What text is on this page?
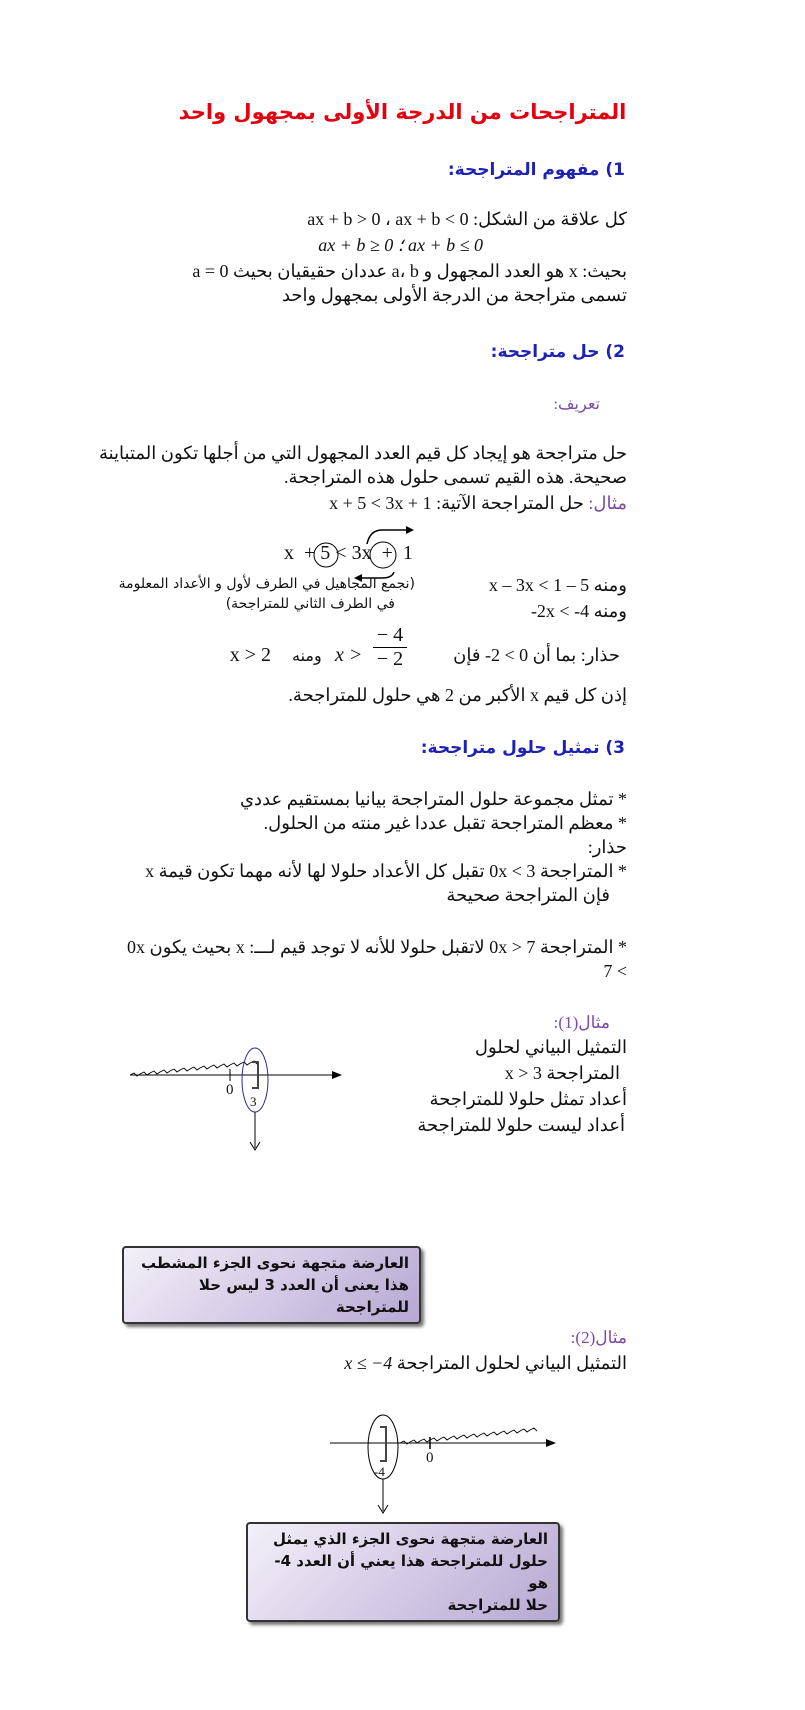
المتراجحات من الدرجة الأولى بمجهول واحد
1) مفهوم المتراجحة:
كل علاقة من الشكل: ax + b > 0 ، ax + b < 0
ax + b ≥ 0 ؛ ax + b ≤ 0
بحيث: x هو العدد المجهول و a، b عددان حقيقيان بحيث a = 0
تسمى متراجحة من الدرجة الأولى بمجهول واحد
2) حل متراجحة:
تعريف:
حل متراجحة هو إيجاد كل قيم العدد المجهول التي من أجلها تكون المتباينة
صحيحة. هذه القيم تسمى حلول هذه المتراجحة.
مثال: حل المتراجحة الآتية: x + 5 < 3x + 1
x + 5 < 3x + 1
ومنه x – 3x < 1 – 5
(نجمع المجاهيل في الطرف لأول و الأعداد المعلومة
في الطرف الثاني للمتراجحة)	ومنه -2x < -4
حذار: بما أن 0 > 2- فإن
− 4
− 2
x >
ومنه
x > 2
إذن كل قيم x الأكبر من 2 هي حلول للمتراجحة.
3) تمثيل حلول متراجحة:
* تمثل مجموعة حلول المتراجحة بيانيا بمستقيم عددي
* معظم المتراجحة تقبل عددا غير منته من الحلول.
حذار:
* المتراجحة 3 > 0x تقبل كل الأعداد حلولا لها لأنه مهما تكون قيمة x
فإن المتراجحة صحيحة
* المتراجحة 7 < 0x لاتقبل حلولا للأنه لا توجد قيم لـــ: x بحيث يكون 0x
> 7
مثال(1):
التمثيل البياني لحلول
المتراجحة 3 < x
أعداد تمثل حلولا للمتراجحة
أعداد ليست حلولا للمتراجحة
0
3
العارضة متجهة نحوى الجزء المشطب
هذا يعنى أن العدد 3 ليس حلا للمتراجحة
مثال(2):
التمثيل البياني لحلول المتراجحة x ≤ −4
0
-4
العارضة متجهة نحوى الجزء الذي يمثل
حلول للمتراجحة هذا يعني أن العدد 4- هو
حلا للمتراجحة
